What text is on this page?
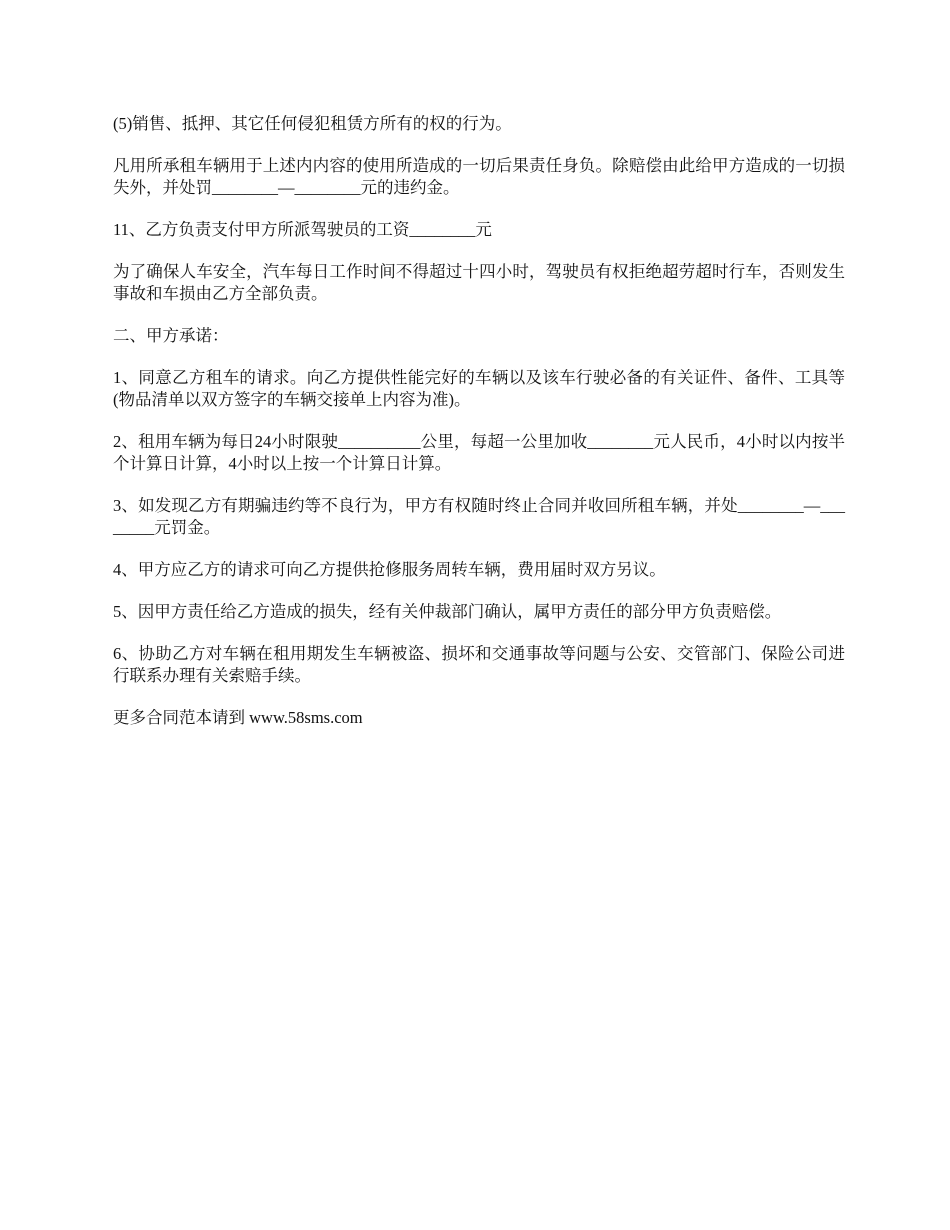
(5)销售、抵押、其它任何侵犯租赁方所有的权的行为。

凡用所承租车辆用于上述内内容的使用所造成的一切后果责任身负。除赔偿由此给甲方造成的一切损失外，并处罚________—________元的违约金。

11、乙方负责支付甲方所派驾驶员的工资________元

为了确保人车安全，汽车每日工作时间不得超过十四小时，驾驶员有权拒绝超劳超时行车，否则发生事故和车损由乙方全部负责。

二、甲方承诺：

1、同意乙方租车的请求。向乙方提供性能完好的车辆以及该车行驶必备的有关证件、备件、工具等(物品清单以双方签字的车辆交接单上内容为准)。

2、租用车辆为每日24小时限驶__________公里，每超一公里加收________元人民币，4小时以内按半个计算日计算，4小时以上按一个计算日计算。

3、如发现乙方有期骗违约等不良行为，甲方有权随时终止合同并收回所租车辆，并处________—________元罚金。

4、甲方应乙方的请求可向乙方提供抢修服务周转车辆，费用届时双方另议。

5、因甲方责任给乙方造成的损失，经有关仲裁部门确认，属甲方责任的部分甲方负责赔偿。

6、协助乙方对车辆在租用期发生车辆被盗、损坏和交通事故等问题与公安、交管部门、保险公司进行联系办理有关索赔手续。

更多合同范本请到 www.58sms.com
